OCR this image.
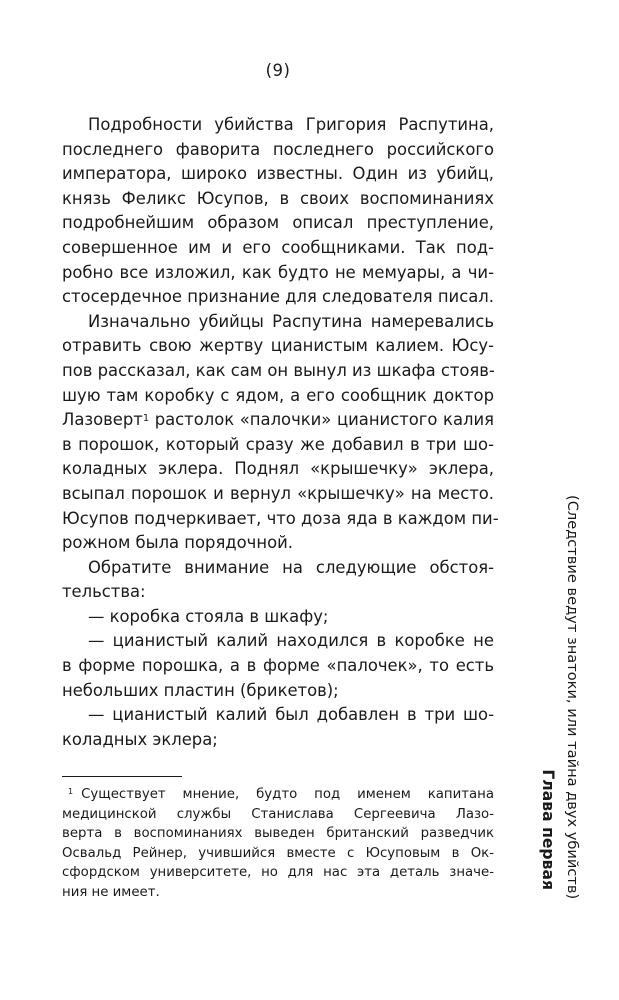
(9)
Подробности убийства Григория Распутина,
последнего фаворита последнего российского
императора, широко известны. Один из убийц,
князь Феликс Юсупов, в своих воспоминаниях
подробнейшим образом описал преступление,
совершенное им и его сообщниками. Так под-
робно все изложил, как будто не мемуары, а чи-
стосердечное признание для следователя писал.
Изначально убийцы Распутина намеревались
отравить свою жертву цианистым калием. Юсу-
пов рассказал, как сам он вынул из шкафа стояв-
шую там коробку с ядом, а его сообщник доктор
Лазоверт$^1$ растолок «палочки» цианистого калия
в порошок, который сразу же добавил в три шо-
коладных эклера. Поднял «крышечку» эклера,
всыпал порошок и вернул «крышечку» на место.
Юсупов подчеркивает, что доза яда в каждом пи-
рожном была порядочной.
Обратите внимание на следующие обстоя-
тельства:
— коробка стояла в шкафу;
— цианистый калий находился в коробке не
в форме порошка, а в форме «палочек», то есть
небольших пластин (брикетов);
— цианистый калий был добавлен в три шо-
коладных эклера;
$^1$ Существует мнение, будто под именем капитана
медицинской службы Станислава Сергеевича Лазо-
верта в воспоминаниях выведен британский разведчик
Освальд Рейнер, учившийся вместе с Юсуповым в Ок-
сфордском университете, но для нас эта деталь значе-
ния не имеет.
Глава первая (Следствие ведут знатоки, или тайна двух убийств)
